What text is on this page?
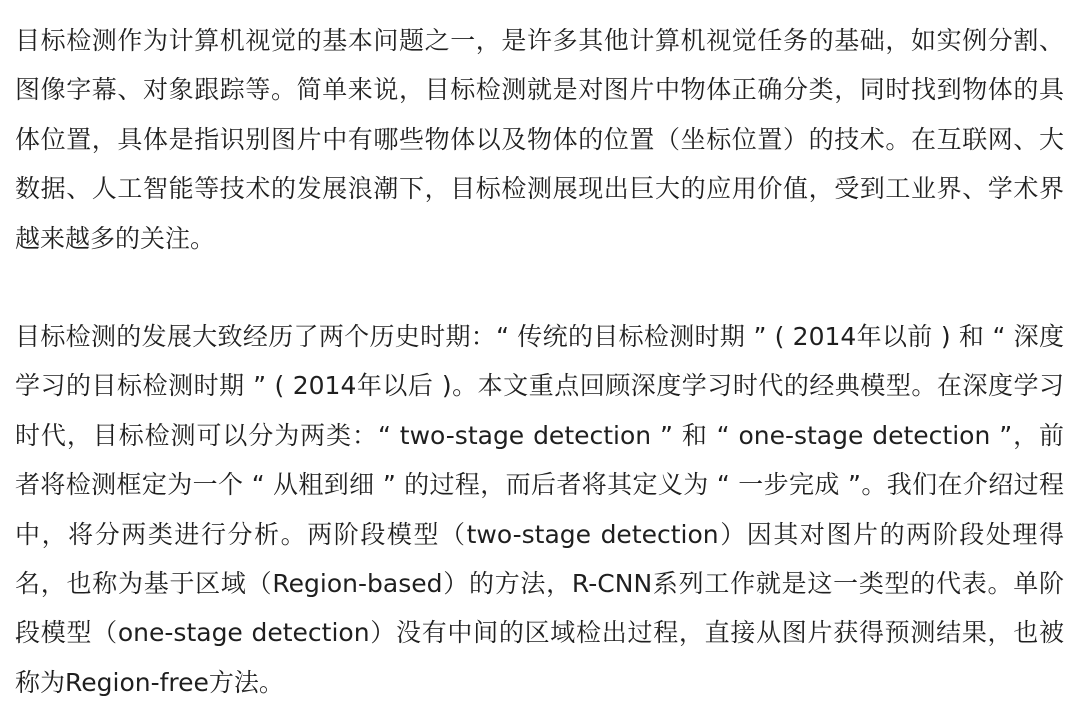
目标检测作为计算机视觉的基本问题之一，是许多其他计算机视觉任务的基础，如实例分割、图像字幕、对象跟踪等。简单来说，目标检测就是对图片中物体正确分类，同时找到物体的具体位置，具体是指识别图片中有哪些物体以及物体的位置（坐标位置）的技术。在互联网、大数据、人工智能等技术的发展浪潮下，目标检测展现出巨大的应用价值，受到工业界、学术界越来越多的关注。

目标检测的发展大致经历了两个历史时期：“ 传统的目标检测时期 ” ( 2014年以前 ) 和 “ 深度学习的目标检测时期 ” ( 2014年以后 )。本文重点回顾深度学习时代的经典模型。在深度学习时代，目标检测可以分为两类：“ two-stage detection ” 和 “ one-stage detection ”，前者将检测框定为一个 “ 从粗到细 ” 的过程，而后者将其定义为 “ 一步完成 ”。我们在介绍过程中，将分两类进行分析。两阶段模型（two-stage detection）因其对图片的两阶段处理得名，也称为基于区域（Region-based）的方法，R-CNN系列工作就是这一类型的代表。单阶段模型（one-stage detection）没有中间的区域检出过程，直接从图片获得预测结果，也被称为Region-free方法。
